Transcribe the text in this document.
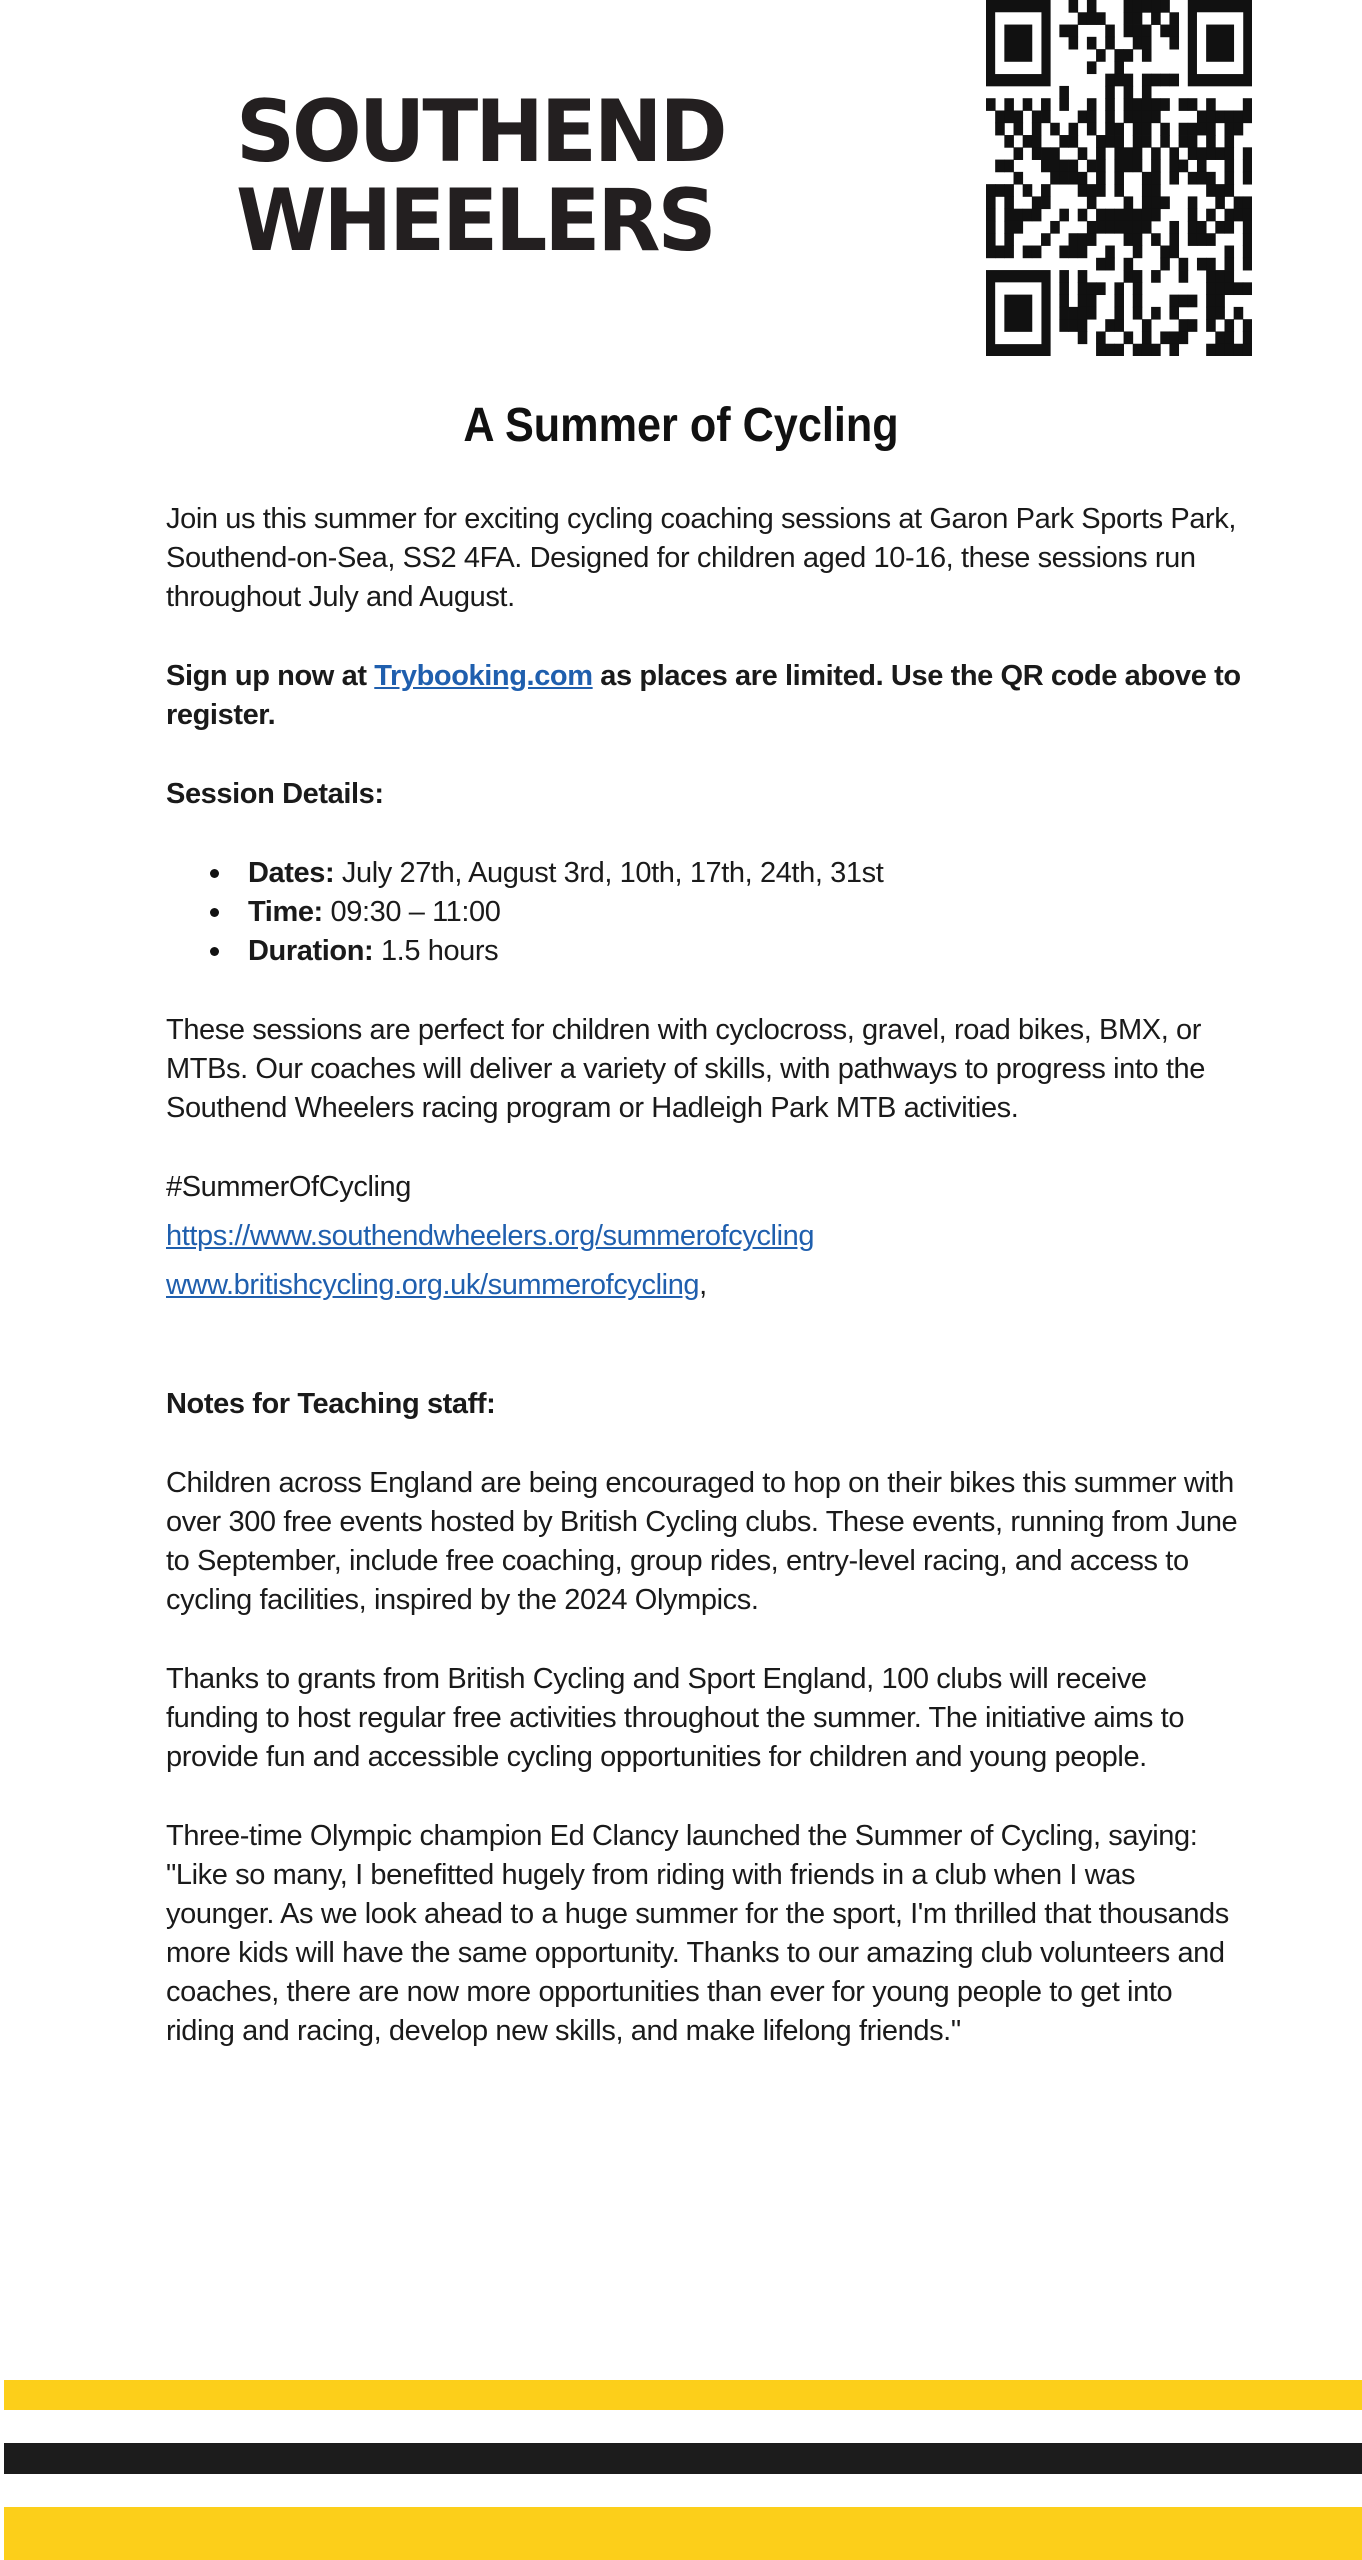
SOUTHEND
WHEELERS
A Summer of Cycling

Join us this summer for exciting cycling coaching sessions at Garon Park Sports Park, Southend-on-Sea, SS2 4FA. Designed for children aged 10-16, these sessions run throughout July and August.

Sign up now at Trybooking.com as places are limited. Use the QR code above to register.

Session Details:

Dates: July 27th, August 3rd, 10th, 17th, 24th, 31st
Time: 09:30 – 11:00
Duration: 1.5 hours

These sessions are perfect for children with cyclocross, gravel, road bikes, BMX, or MTBs. Our coaches will deliver a variety of skills, with pathways to progress into the Southend Wheelers racing program or Hadleigh Park MTB activities.

#SummerOfCycling

https://www.southendwheelers.org/summerofcycling

www.britishcycling.org.uk/summerofcycling,

Notes for Teaching staff:

Children across England are being encouraged to hop on their bikes this summer with over 300 free events hosted by British Cycling clubs. These events, running from June to September, include free coaching, group rides, entry-level racing, and access to cycling facilities, inspired by the 2024 Olympics.

Thanks to grants from British Cycling and Sport England, 100 clubs will receive funding to host regular free activities throughout the summer. The initiative aims to provide fun and accessible cycling opportunities for children and young people.

Three-time Olympic champion Ed Clancy launched the Summer of Cycling, saying: "Like so many, I benefitted hugely from riding with friends in a club when I was younger. As we look ahead to a huge summer for the sport, I'm thrilled that thousands more kids will have the same opportunity. Thanks to our amazing club volunteers and coaches, there are now more opportunities than ever for young people to get into riding and racing, develop new skills, and make lifelong friends."
